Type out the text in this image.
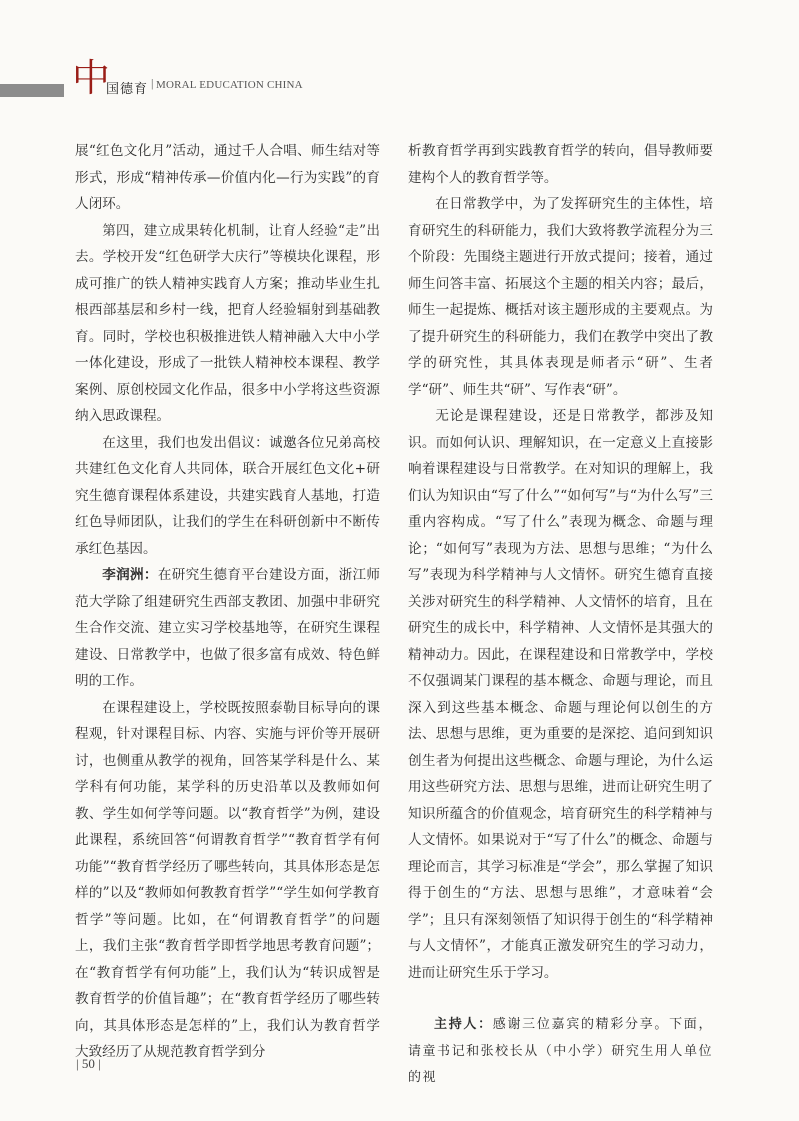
中
国德育 | MORAL EDUCATION CHINA

展“红色文化月”活动，通过千人合唱、师生结对等形式，形成“精神传承—价值内化—行为实践”的育人闭环。

第四，建立成果转化机制，让育人经验“走”出去。学校开发“红色研学大庆行”等模块化课程，形成可推广的铁人精神实践育人方案；推动毕业生扎根西部基层和乡村一线，把育人经验辐射到基础教育。同时，学校也积极推进铁人精神融入大中小学一体化建设，形成了一批铁人精神校本课程、教学案例、原创校园文化作品，很多中小学将这些资源纳入思政课程。

在这里，我们也发出倡议：诚邀各位兄弟高校共建红色文化育人共同体，联合开展红色文化+研究生德育课程体系建设，共建实践育人基地，打造红色导师团队，让我们的学生在科研创新中不断传承红色基因。

李润洲：在研究生德育平台建设方面，浙江师范大学除了组建研究生西部支教团、加强中非研究生合作交流、建立实习学校基地等，在研究生课程建设、日常教学中，也做了很多富有成效、特色鲜明的工作。

在课程建设上，学校既按照泰勒目标导向的课程观，针对课程目标、内容、实施与评价等开展研讨，也侧重从教学的视角，回答某学科是什么、某学科有何功能，某学科的历史沿革以及教师如何教、学生如何学等问题。以“教育哲学”为例，建设此课程，系统回答“何谓教育哲学”“教育哲学有何功能”“教育哲学经历了哪些转向，其具体形态是怎样的”以及“教师如何教教育哲学”“学生如何学教育哲学”等问题。比如，在“何谓教育哲学”的问题上，我们主张“教育哲学即哲学地思考教育问题”；在“教育哲学有何功能”上，我们认为“转识成智是教育哲学的价值旨趣”；在“教育哲学经历了哪些转向，其具体形态是怎样的”上，我们认为教育哲学大致经历了从规范教育哲学到分

析教育哲学再到实践教育哲学的转向，倡导教师要建构个人的教育哲学等。

在日常教学中，为了发挥研究生的主体性，培育研究生的科研能力，我们大致将教学流程分为三个阶段：先围绕主题进行开放式提问；接着，通过师生问答丰富、拓展这个主题的相关内容；最后，师生一起提炼、概括对该主题形成的主要观点。为了提升研究生的科研能力，我们在教学中突出了教学的研究性，其具体表现是师者示“研”、生者学“研”、师生共“研”、写作表“研”。

无论是课程建设，还是日常教学，都涉及知识。而如何认识、理解知识，在一定意义上直接影响着课程建设与日常教学。在对知识的理解上，我们认为知识由“写了什么”“如何写”与“为什么写”三重内容构成。“写了什么”表现为概念、命题与理论；“如何写”表现为方法、思想与思维；“为什么写”表现为科学精神与人文情怀。研究生德育直接关涉对研究生的科学精神、人文情怀的培育，且在研究生的成长中，科学精神、人文情怀是其强大的精神动力。因此，在课程建设和日常教学中，学校不仅强调某门课程的基本概念、命题与理论，而且深入到这些基本概念、命题与理论何以创生的方法、思想与思维，更为重要的是深挖、追问到知识创生者为何提出这些概念、命题与理论，为什么运用这些研究方法、思想与思维，进而让研究生明了知识所蕴含的价值观念，培育研究生的科学精神与人文情怀。如果说对于“写了什么”的概念、命题与理论而言，其学习标准是“学会”，那么掌握了知识得于创生的“方法、思想与思维”，才意味着“会学”；且只有深刻领悟了知识得于创生的“科学精神与人文情怀”，才能真正激发研究生的学习动力，进而让研究生乐于学习。

主持人：感谢三位嘉宾的精彩分享。下面，请童书记和张校长从（中小学）研究生用人单位的视

| 50 |
